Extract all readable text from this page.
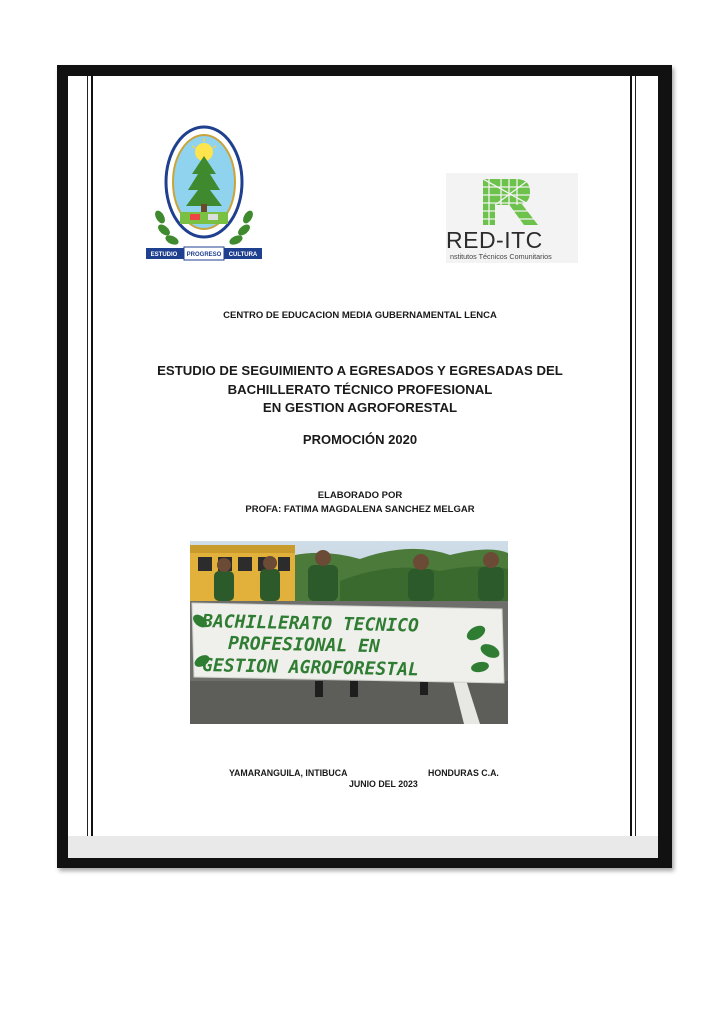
ESTUDIO PROGRESO CULTURA
RED-ITC
nstitutos Técnicos Comunitarios
CENTRO DE EDUCACION MEDIA GUBERNAMENTAL LENCA
ESTUDIO DE SEGUIMIENTO A EGRESADOS Y EGRESADAS DEL
BACHILLERATO TÉCNICO PROFESIONAL
EN GESTION AGROFORESTAL
PROMOCIÓN 2020
ELABORADO POR
PROFA: FATIMA MAGDALENA SANCHEZ MELGAR
BACHILLERATO TECNICO
PROFESIONAL EN
GESTION AGROFORESTAL
YAMARANGUILA, INTIBUCA	HONDURAS C.A.
JUNIO DEL 2023
